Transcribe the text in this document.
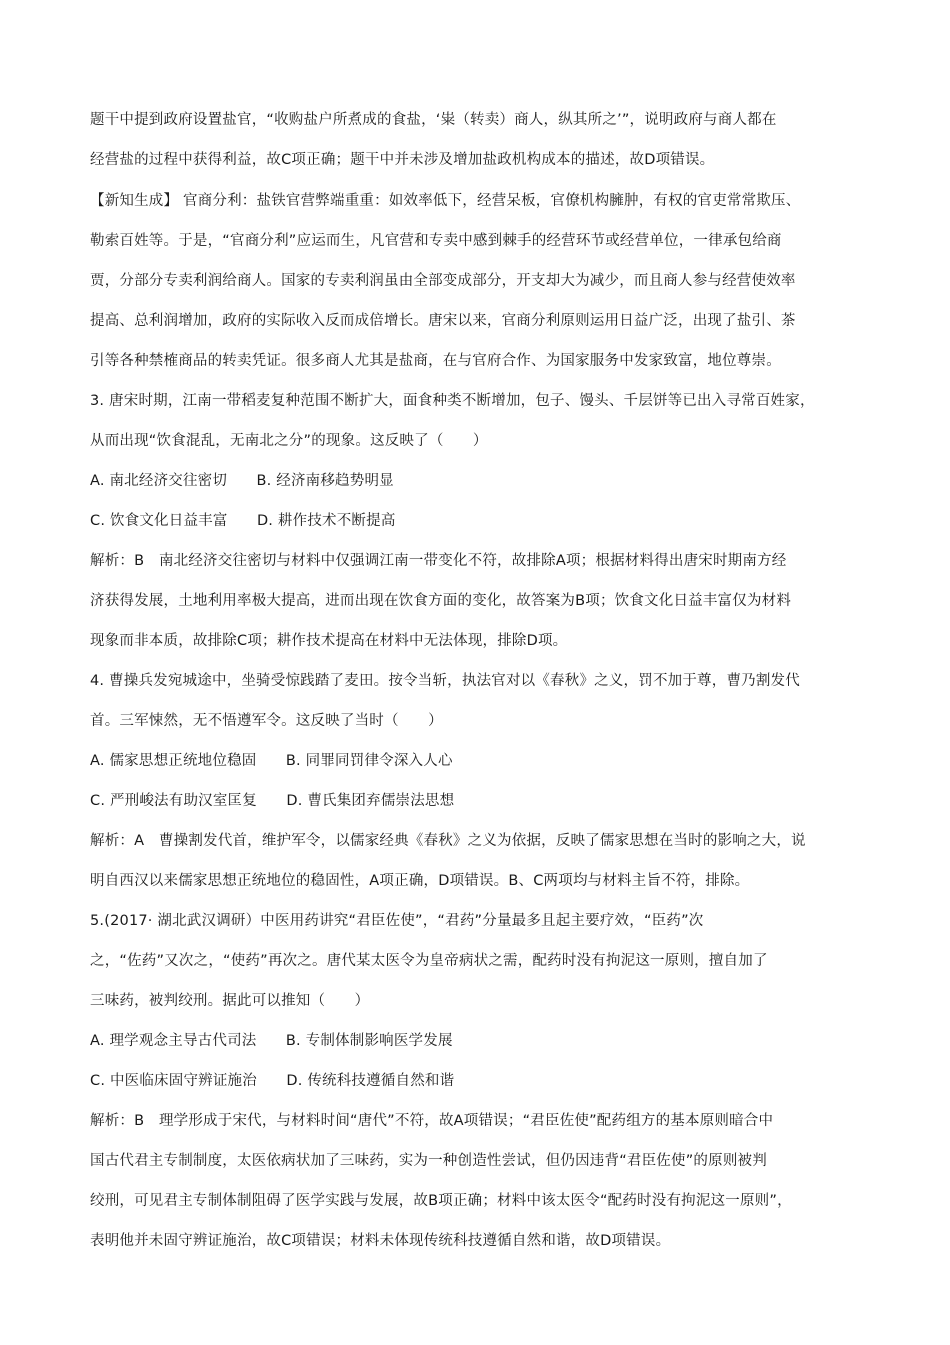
题干中提到政府设置盐官，“收购盐户所煮成的食盐，‘粜（转卖）商人，纵其所之’”，说明政府与商人都在
经营盐的过程中获得利益，故C项正确；题干中并未涉及增加盐政机构成本的描述，故D项错误。
【新知生成】 官商分利：盐铁官营弊端重重：如效率低下，经营呆板，官僚机构臃肿，有权的官吏常常欺压、
勒索百姓等。于是，“官商分利”应运而生，凡官营和专卖中感到棘手的经营环节或经营单位，一律承包给商
贾，分部分专卖利润给商人。国家的专卖利润虽由全部变成部分，开支却大为减少，而且商人参与经营使效率
提高、总利润增加，政府的实际收入反而成倍增长。唐宋以来，官商分利原则运用日益广泛，出现了盐引、茶
引等各种禁榷商品的转卖凭证。很多商人尤其是盐商，在与官府合作、为国家服务中发家致富，地位尊崇。
3. 唐宋时期，江南一带稻麦复种范围不断扩大，面食种类不断增加，包子、馒头、千层饼等已出入寻常百姓家，
从而出现“饮食混乱，无南北之分”的现象。这反映了（　　）
A. 南北经济交往密切　　B. 经济南移趋势明显
C. 饮食文化日益丰富　　D. 耕作技术不断提高
解析：B　南北经济交往密切与材料中仅强调江南一带变化不符，故排除A项；根据材料得出唐宋时期南方经
济获得发展，土地利用率极大提高，进而出现在饮食方面的变化，故答案为B项；饮食文化日益丰富仅为材料
现象而非本质，故排除C项；耕作技术提高在材料中无法体现，排除D项。
4. 曹操兵发宛城途中，坐骑受惊践踏了麦田。按令当斩，执法官对以《春秋》之义，罚不加于尊，曹乃割发代
首。三军悚然，无不悟遵军令。这反映了当时（　　）
A. 儒家思想正统地位稳固　　B. 同罪同罚律令深入人心
C. 严刑峻法有助汉室匡复　　D. 曹氏集团弃儒崇法思想
解析：A　曹操割发代首，维护军令，以儒家经典《春秋》之义为依据，反映了儒家思想在当时的影响之大，说
明自西汉以来儒家思想正统地位的稳固性，A项正确，D项错误。B、C两项均与材料主旨不符，排除。
5.(2017· 湖北武汉调研）中医用药讲究“君臣佐使”，“君药”分量最多且起主要疗效，“臣药”次
之，“佐药”又次之，“使药”再次之。唐代某太医令为皇帝病状之需，配药时没有拘泥这一原则，擅自加了
三味药，被判绞刑。据此可以推知（　　）
A. 理学观念主导古代司法　　B. 专制体制影响医学发展
C. 中医临床固守辨证施治　　D. 传统科技遵循自然和谐
解析：B　理学形成于宋代，与材料时间“唐代”不符，故A项错误；“君臣佐使”配药组方的基本原则暗合中
国古代君主专制制度，太医依病状加了三味药，实为一种创造性尝试，但仍因违背“君臣佐使”的原则被判
绞刑，可见君主专制体制阻碍了医学实践与发展，故B项正确；材料中该太医令“配药时没有拘泥这一原则”，
表明他并未固守辨证施治，故C项错误；材料未体现传统科技遵循自然和谐，故D项错误。
